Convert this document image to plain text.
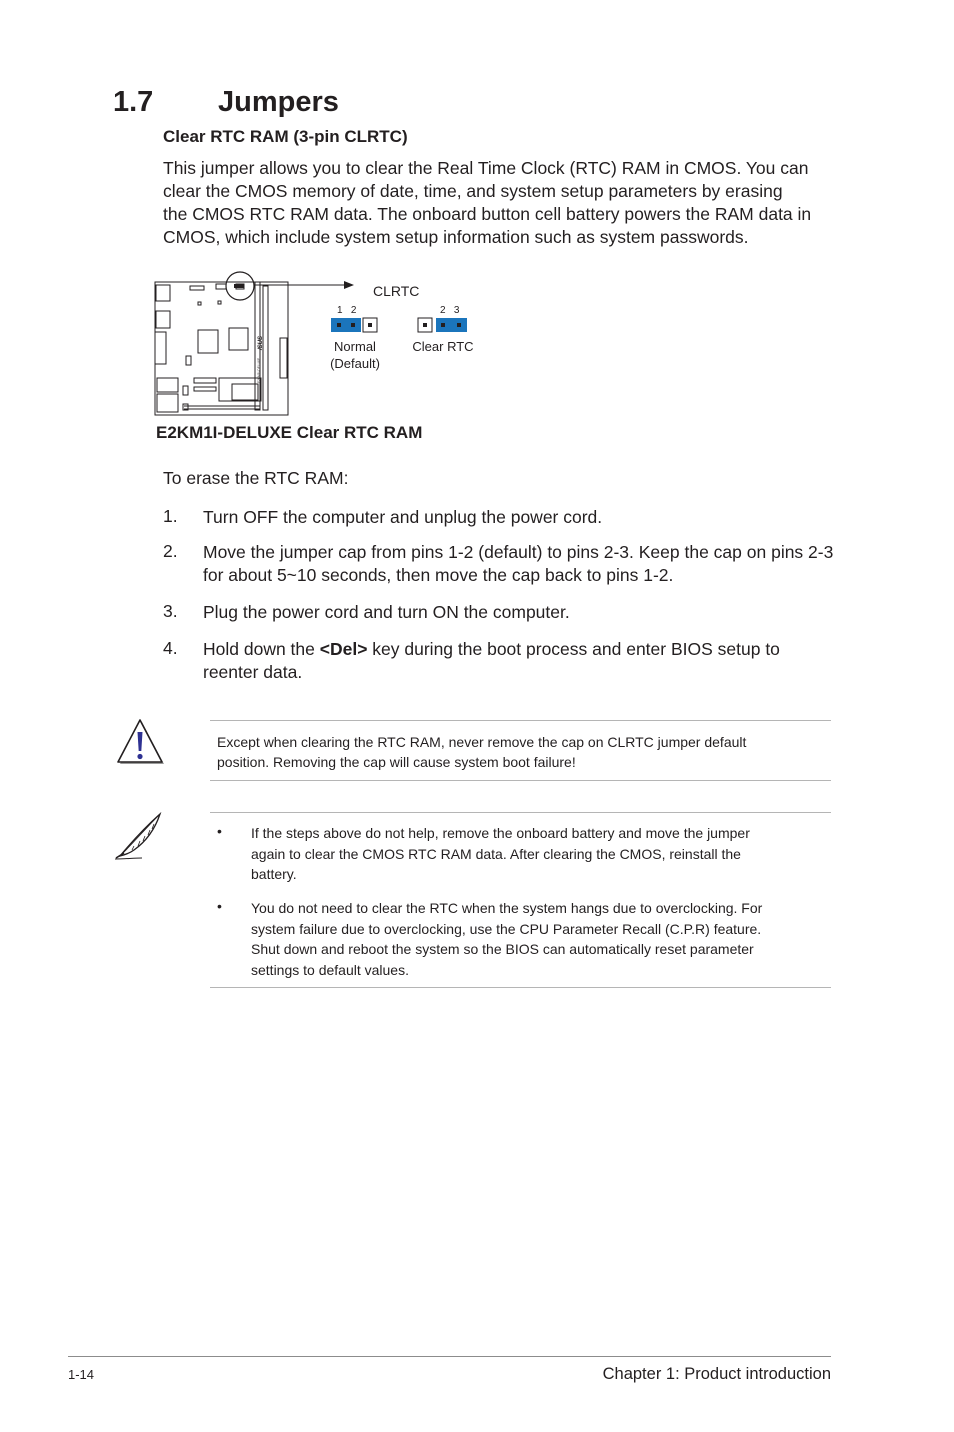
1.7 Jumpers
Clear RTC RAM (3-pin CLRTC)
This jumper allows you to clear the Real Time Clock (RTC) RAM in CMOS. You can
clear the CMOS memory of date, time, and system setup parameters by erasing
the CMOS RTC RAM data. The onboard button cell battery powers the RAM data in
CMOS, which include system setup information such as system passwords.
/SUS
E2KM1I-DELUXE
CLRTC
1   2
Normal
(Default)
2   3
Clear RTC
E2KM1I-DELUXE Clear RTC RAM
To erase the RTC RAM:
1. Turn OFF the computer and unplug the power cord.
2. Move the jumper cap from pins 1-2 (default) to pins 2-3. Keep the cap on pins 2-3
for about 5~10 seconds, then move the cap back to pins 1-2.
3. Plug the power cord and turn ON the computer.
4. Hold down the <Del> key during the boot process and enter BIOS setup to
reenter data.
Except when clearing the RTC RAM, never remove the cap on CLRTC jumper default
position. Removing the cap will cause system boot failure!
• If the steps above do not help, remove the onboard battery and move the jumper
again to clear the CMOS RTC RAM data. After clearing the CMOS, reinstall the
battery.
• You do not need to clear the RTC when the system hangs due to overclocking. For
system failure due to overclocking, use the CPU Parameter Recall (C.P.R) feature.
Shut down and reboot the system so the BIOS can automatically reset parameter
settings to default values.
1-14	Chapter 1: Product introduction
